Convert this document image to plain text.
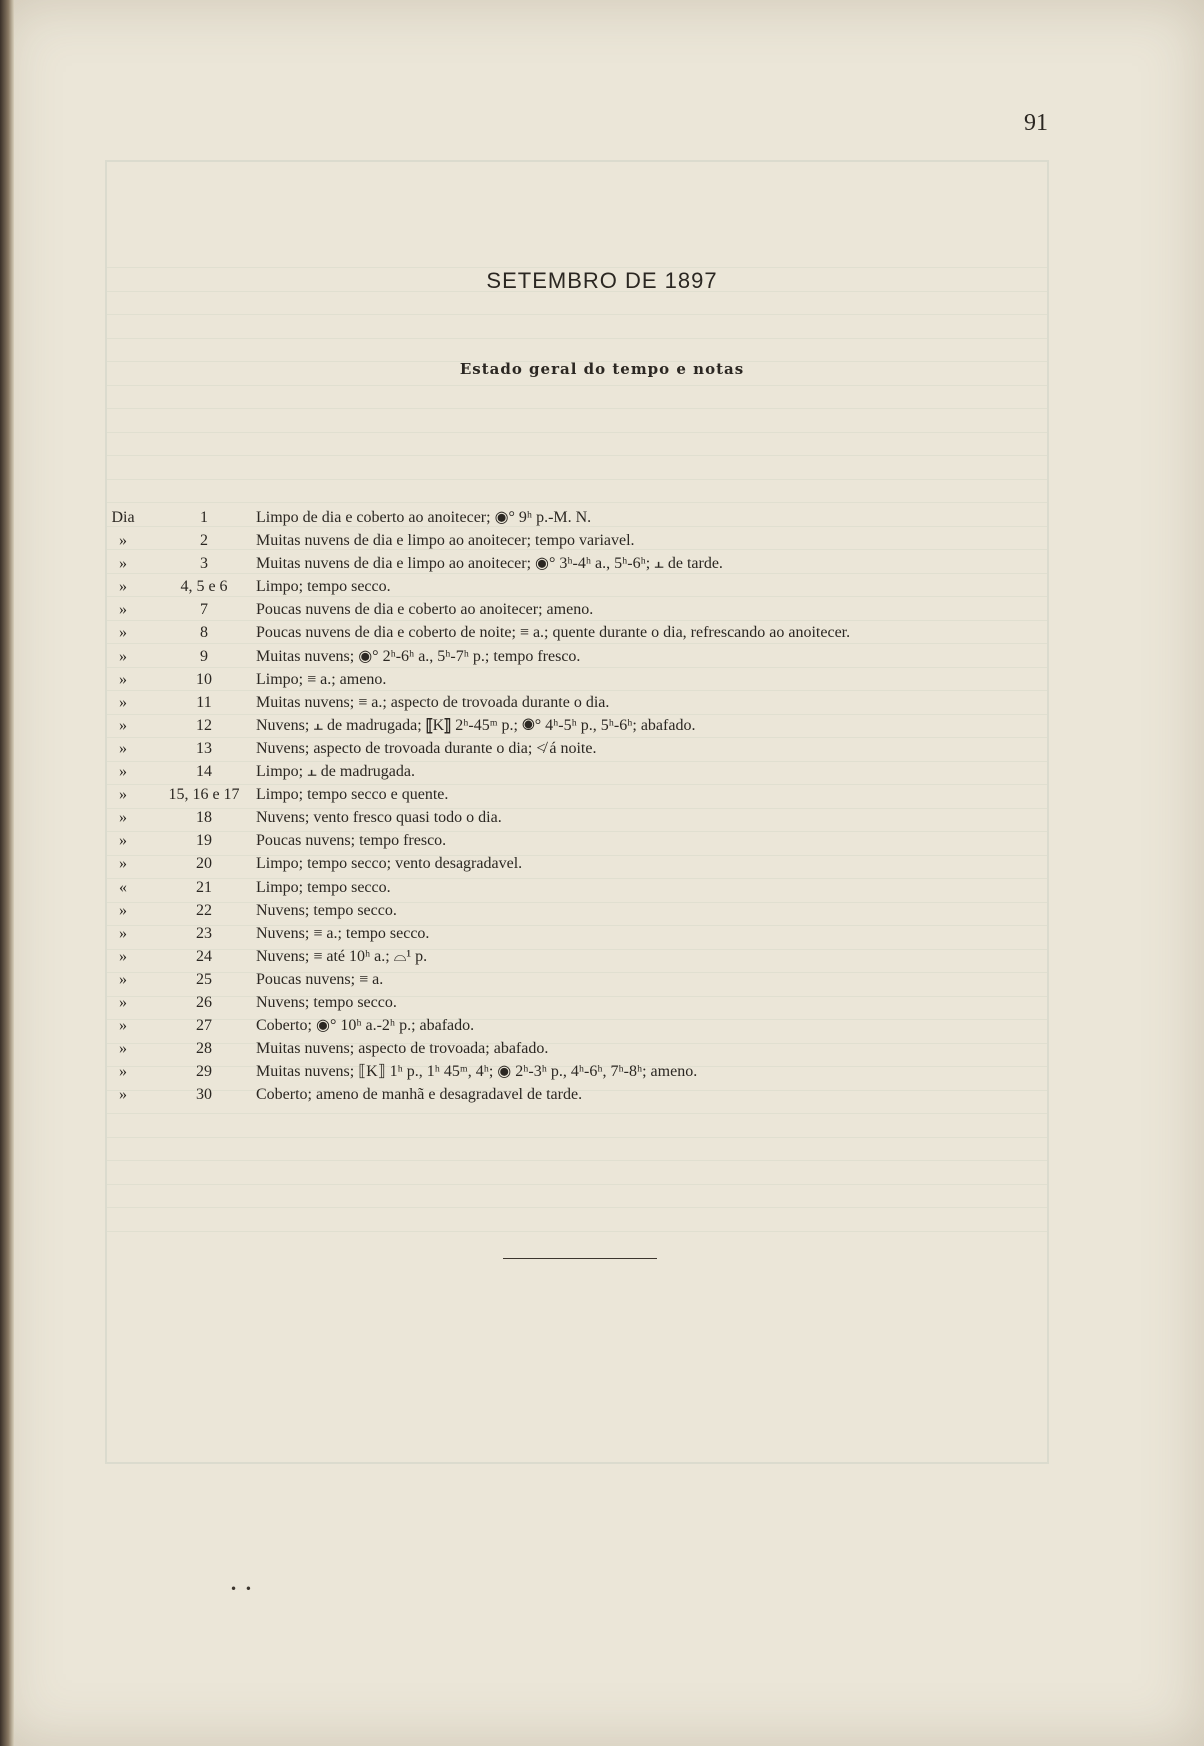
91
SETEMBRO DE 1897
Estado geral do tempo e notas
Dia	1	Limpo de dia e coberto ao anoitecer; ◉° 9ʰ p.-M. N.
»	2	Muitas nuvens de dia e limpo ao anoitecer; tempo variavel.
»	3	Muitas nuvens de dia e limpo ao anoitecer; ◉° 3ʰ-4ʰ a., 5ʰ-6ʰ; ⫠ de tarde.
»	4, 5 e 6	Limpo; tempo secco.
»	7	Poucas nuvens de dia e coberto ao anoitecer; ameno.
»	8	Poucas nuvens de dia e coberto de noite; ≡ a.; quente durante o dia, refrescando ao anoitecer.
»	9	Muitas nuvens; ◉° 2ʰ-6ʰ a., 5ʰ-7ʰ p.; tempo fresco.
»	10	Limpo; ≡ a.; ameno.
»	11	Muitas nuvens; ≡ a.; aspecto de trovoada durante o dia.
»	12	Nuvens; ⫠ de madrugada; ⟦K⟧ 2ʰ-45ᵐ p.; ◉° 4ʰ-5ʰ p., 5ʰ-6ʰ; abafado.
»	13	Nuvens; aspecto de trovoada durante o dia; ≮ á noite.
»	14	Limpo; ⫠ de madrugada.
»	15, 16 e 17	Limpo; tempo secco e quente.
»	18	Nuvens; vento fresco quasi todo o dia.
»	19	Poucas nuvens; tempo fresco.
»	20	Limpo; tempo secco; vento desagradavel.
«	21	Limpo; tempo secco.
»	22	Nuvens; tempo secco.
»	23	Nuvens; ≡ a.; tempo secco.
»	24	Nuvens; ≡ até 10ʰ a.; ⌓¹ p.
»	25	Poucas nuvens; ≡ a.
»	26	Nuvens; tempo secco.
»	27	Coberto; ◉° 10ʰ a.-2ʰ p.; abafado.
»	28	Muitas nuvens; aspecto de trovoada; abafado.
»	29	Muitas nuvens; ⟦K⟧ 1ʰ p., 1ʰ 45ᵐ, 4ʰ; ◉ 2ʰ-3ʰ p., 4ʰ-6ʰ, 7ʰ-8ʰ; ameno.
»	30	Coberto; ameno de manhã e desagradavel de tarde.
• •
